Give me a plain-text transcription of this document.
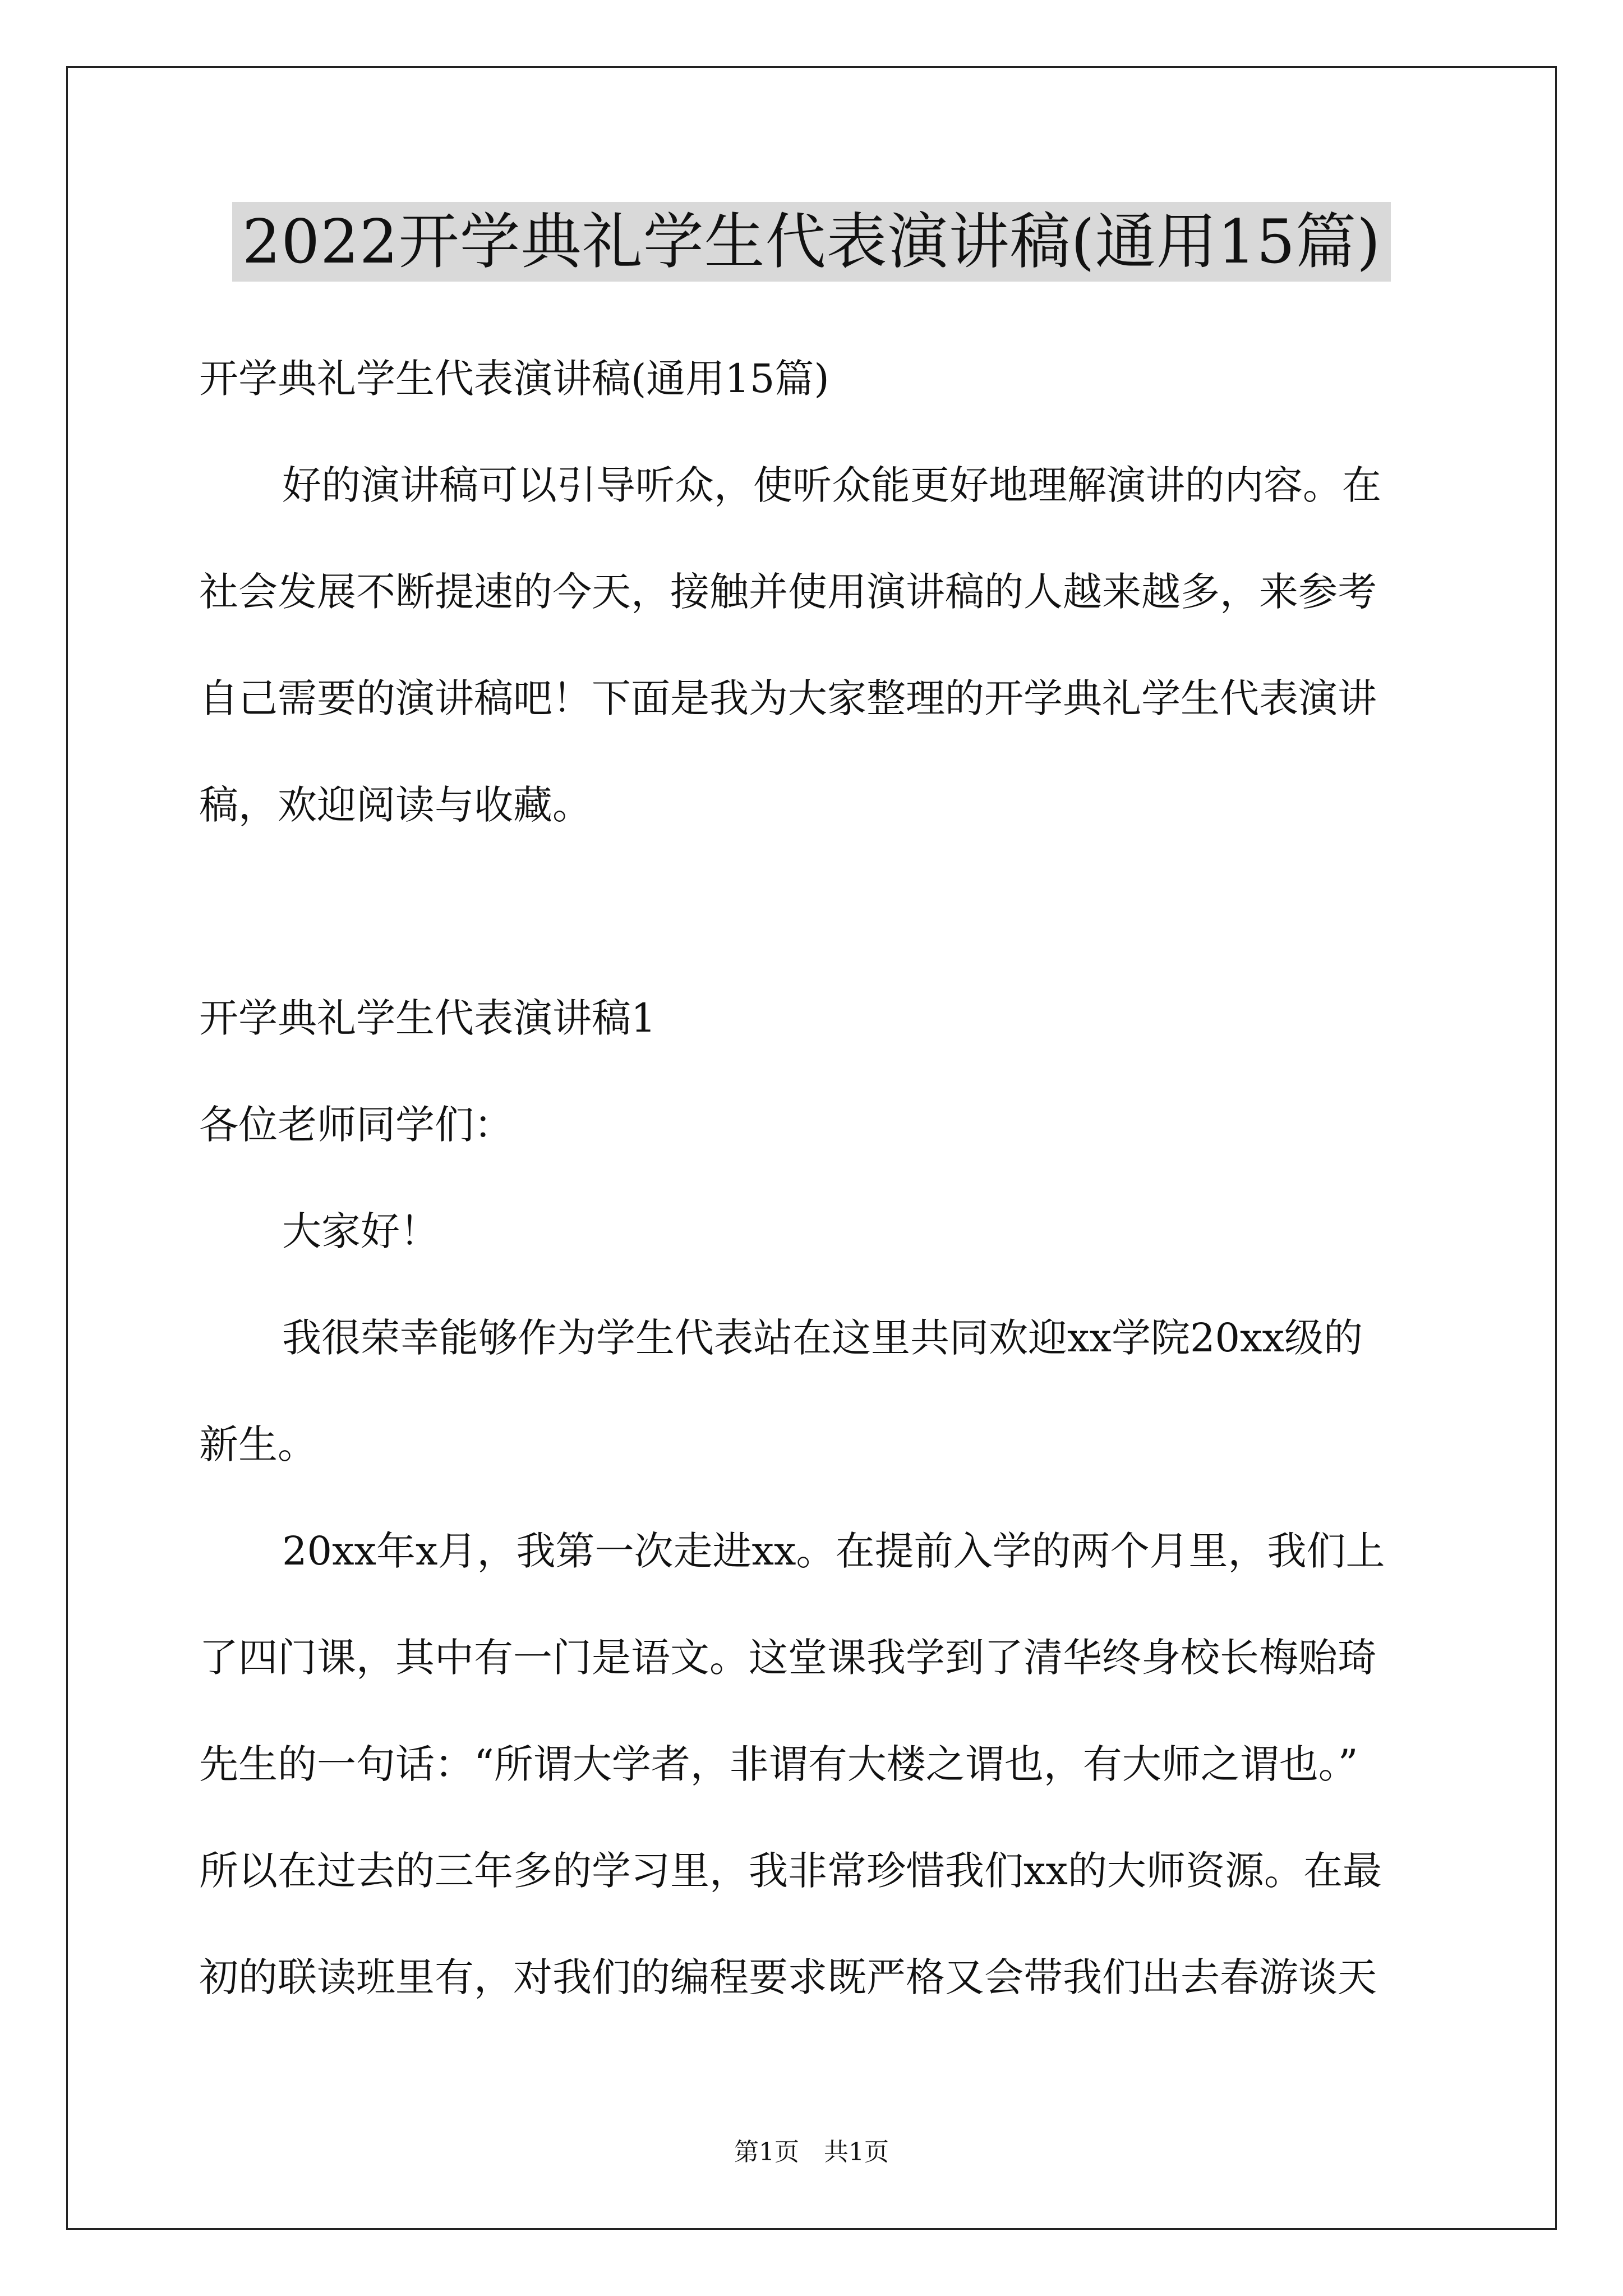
2022开学典礼学生代表演讲稿(通用15篇)
开学典礼学生代表演讲稿(通用15篇)
好的演讲稿可以引导听众，使听众能更好地理解演讲的内容。在
社会发展不断提速的今天，接触并使用演讲稿的人越来越多，来参考
自己需要的演讲稿吧！下面是我为大家整理的开学典礼学生代表演讲
稿，欢迎阅读与收藏。
开学典礼学生代表演讲稿1
各位老师同学们：
大家好！
我很荣幸能够作为学生代表站在这里共同欢迎xx学院20xx级的
新生。
20xx年x月，我第一次走进xx。在提前入学的两个月里，我们上
了四门课，其中有一门是语文。这堂课我学到了清华终身校长梅贻琦
先生的一句话：“所谓大学者，非谓有大楼之谓也，有大师之谓也。”
所以在过去的三年多的学习里，我非常珍惜我们xx的大师资源。在最
初的联读班里有，对我们的编程要求既严格又会带我们出去春游谈天
第1页　共1页
